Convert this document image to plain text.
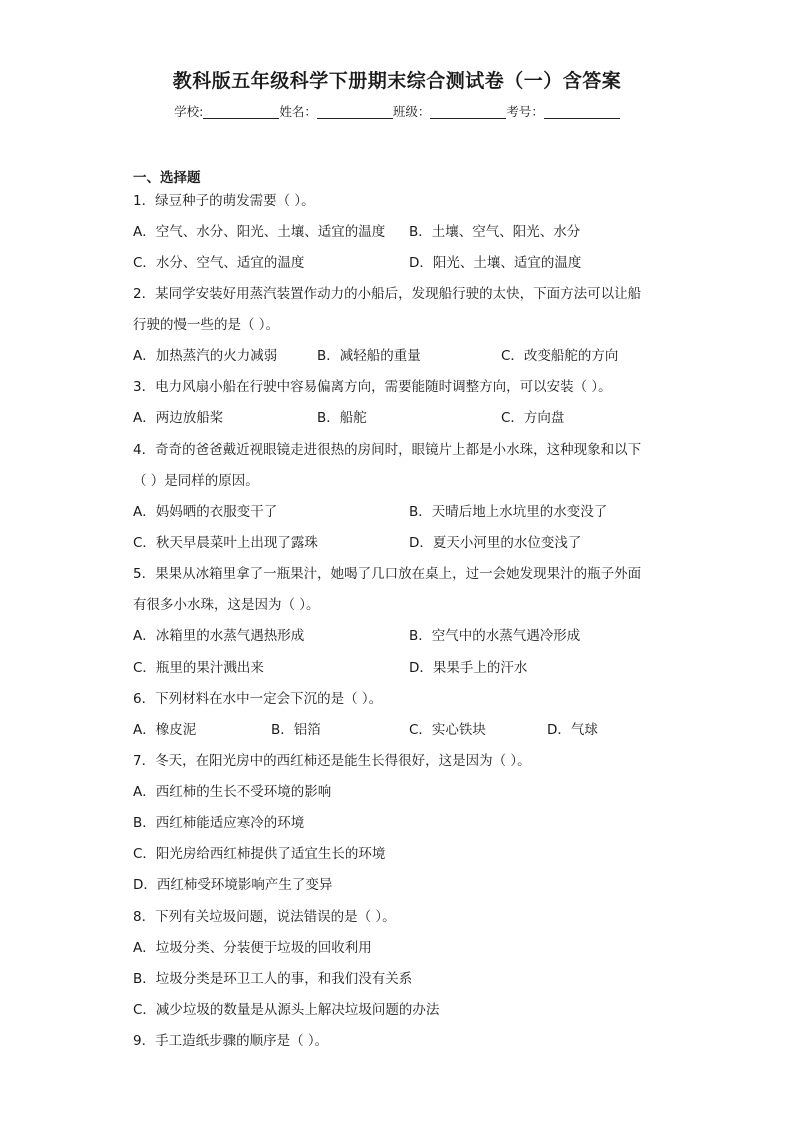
教科版五年级科学下册期末综合测试卷（一）含答案
学校:	姓名：	班级：	考号：
一、选择题
1．绿豆种子的萌发需要（ ）。
A．空气、水分、阳光、土壤、适宜的温度 B．土壤、空气、阳光、水分
C．水分、空气、适宜的温度	D．阳光、土壤、适宜的温度
2．某同学安装好用蒸汽装置作动力的小船后，发现船行驶的太快，下面方法可以让船
行驶的慢一些的是（ ）。
A．加热蒸汽的火力减弱	B．减轻船的重量	C．改变船舵的方向
3．电力风扇小船在行驶中容易偏离方向，需要能随时调整方向，可以安装（ ）。
A．两边放船桨	B．船舵	C．方向盘
4．奇奇的爸爸戴近视眼镜走进很热的房间时，眼镜片上都是小水珠，这种现象和以下
（ ）是同样的原因。
A．妈妈晒的衣服变干了	B．天晴后地上水坑里的水变没了
C．秋天早晨菜叶上出现了露珠	D．夏天小河里的水位变浅了
5．果果从冰箱里拿了一瓶果汁，她喝了几口放在桌上，过一会她发现果汁的瓶子外面
有很多小水珠，这是因为（ ）。
A．冰箱里的水蒸气遇热形成	B．空气中的水蒸气遇冷形成
C．瓶里的果汁溅出来	D．果果手上的汗水
6．下列材料在水中一定会下沉的是（ ）。
A．橡皮泥	B．铝箔	C．实心铁块	D．气球
7．冬天，在阳光房中的西红柿还是能生长得很好，这是因为（ ）。
A．西红柿的生长不受环境的影响
B．西红柿能适应寒冷的环境
C．阳光房给西红柿提供了适宜生长的环境
D．西红柿受环境影响产生了变异
8．下列有关垃圾问题，说法错误的是（ ）。
A．垃圾分类、分装便于垃圾的回收利用
B．垃圾分类是环卫工人的事，和我们没有关系
C．减少垃圾的数量是从源头上解决垃圾问题的办法
9．手工造纸步骤的顺序是（ ）。
